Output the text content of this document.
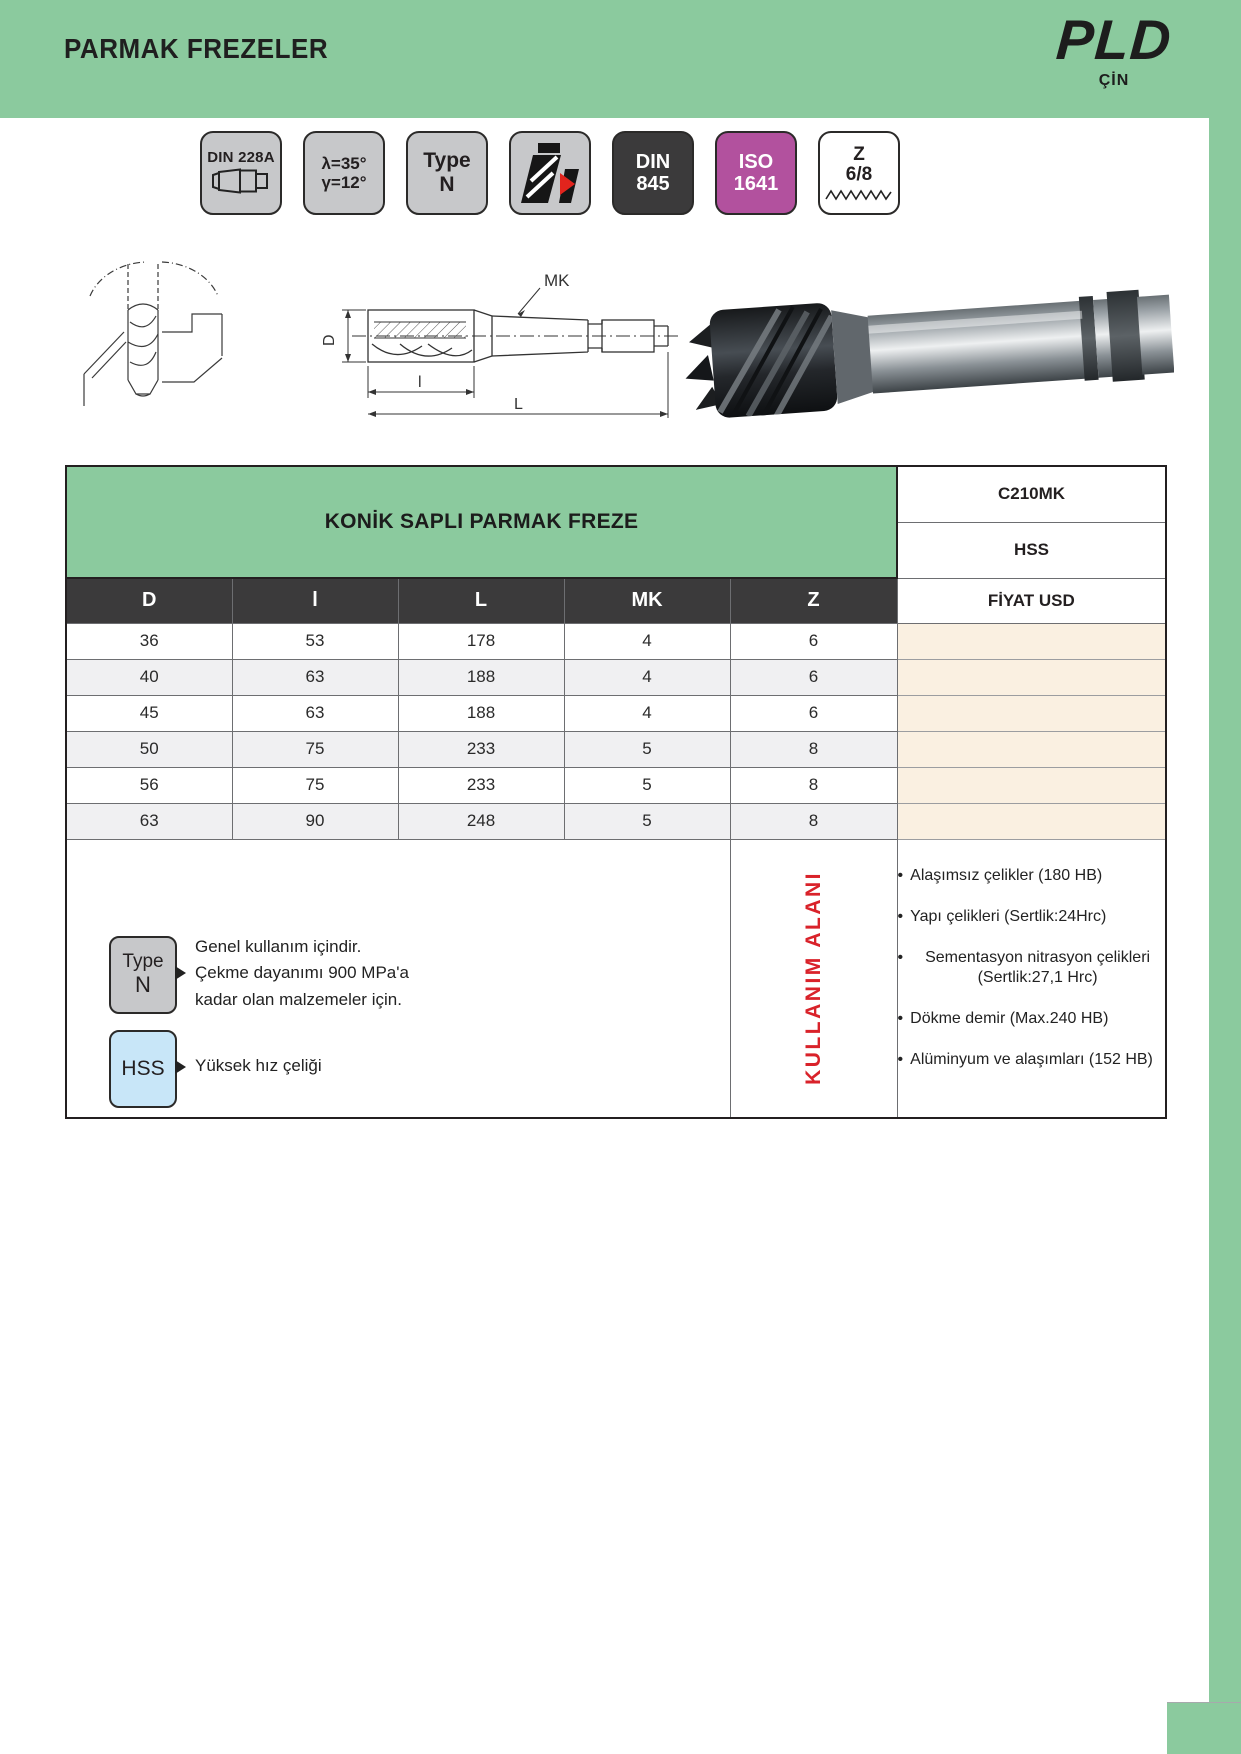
PARMAK FREZELER	PLD
ÇİN
DIN 228A	λ=35°
γ=12°
Type
N
DIN
845
ISO
1641
Z
6/8
MK
D
l
L
KONİK SAPLI PARMAK FREZE					C210MK
					HSS
D	l	L	MK	Z	FİYAT USD
36	53	178	4	6	
40	63	188	4	6	
45	63	188	4	6	
50	75	233	5	8	
56	75	233	5	8	
63	90	248	5	8	

Type
N
Genel kullanım içindir.
Çekme dayanımı 900 MPa'a
kadar olan malzemeler için.
HSS	Yüksek hız çeliği	KULLANIM ALANI

•Alaşımsız çelikler (180 HB)
• Yapı çelikleri (Sertlik:24Hrc)
• Sementasyon nitrasyon çelikleri (Sertlik:27,1 Hrc)
• Dökme demir (Max.240 HB)
• Alüminyum ve alaşımları (152 HB)
